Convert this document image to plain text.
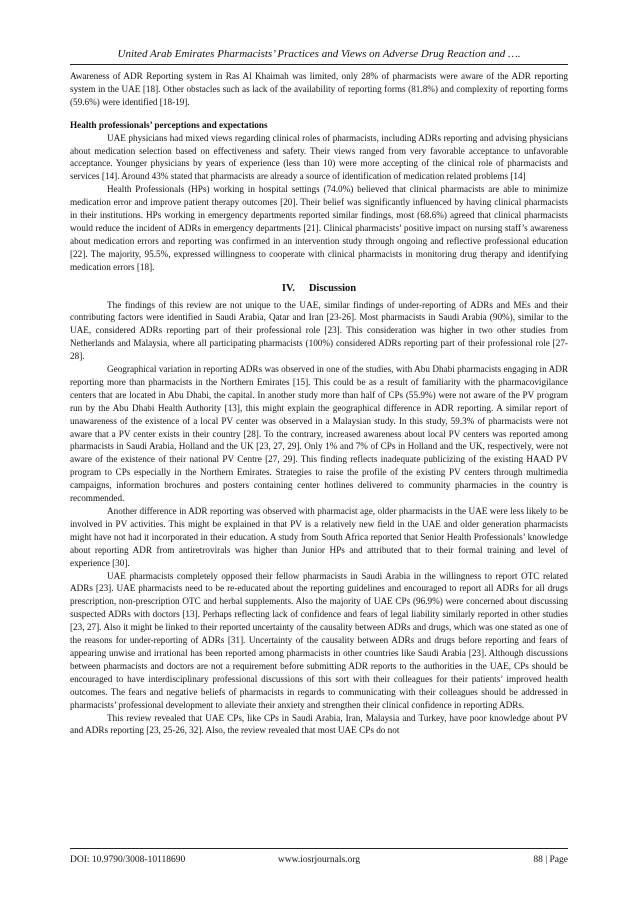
United Arab Emirates Pharmacists’ Practices and Views on Adverse Drug Reaction and ….

Awareness of ADR Reporting system in Ras Al Khaimah was limited, only 28% of pharmacists were aware of the ADR reporting system in the UAE [18]. Other obstacles such as lack of the availability of reporting forms (81.8%) and complexity of reporting forms (59.6%) were identified [18-19].

Health professionals’ perceptions and expectations

UAE physicians had mixed views regarding clinical roles of pharmacists, including ADRs reporting and advising physicians about medication selection based on effectiveness and safety. Their views ranged from very favorable acceptance to unfavorable acceptance. Younger physicians by years of experience (less than 10) were more accepting of the clinical role of pharmacists and services [14]. Around 43% stated that pharmacists are already a source of identification of medication related problems [14]

Health Professionals (HPs) working in hospital settings (74.0%) believed that clinical pharmacists are able to minimize medication error and improve patient therapy outcomes [20]. Their belief was significantly influenced by having clinical pharmacists in their institutions. HPs working in emergency departments reported similar findings, most (68.6%) agreed that clinical pharmacists would reduce the incident of ADRs in emergency departments [21]. Clinical pharmacists’ positive impact on nursing staff’s awareness about medication errors and reporting was confirmed in an intervention study through ongoing and reflective professional education [22]. The majority, 95.5%, expressed willingness to cooperate with clinical pharmacists in monitoring drug therapy and identifying medication errors [18].

IV. Discussion

The findings of this review are not unique to the UAE, similar findings of under-reporting of ADRs and MEs and their contributing factors were identified in Saudi Arabia, Qatar and Iran [23-26]. Most pharmacists in Saudi Arabia (90%), similar to the UAE, considered ADRs reporting part of their professional role [23]. This consideration was higher in two other studies from Netherlands and Malaysia, where all participating pharmacists (100%) considered ADRs reporting part of their professional role [27-28].

Geographical variation in reporting ADRs was observed in one of the studies, with Abu Dhabi pharmacists engaging in ADR reporting more than pharmacists in the Northern Emirates [15]. This could be as a result of familiarity with the pharmacovigilance centers that are located in Abu Dhabi, the capital. In another study more than half of CPs (55.9%) were not aware of the PV program run by the Abu Dhabi Health Authority [13], this might explain the geographical difference in ADR reporting. A similar report of unawareness of the existence of a local PV center was observed in a Malaysian study. In this study, 59.3% of pharmacists were not aware that a PV center exists in their country [28]. To the contrary, increased awareness about local PV centers was reported among pharmacists in Saudi Arabia, Holland and the UK [23, 27, 29]. Only 1% and 7% of CPs in Holland and the UK, respectively, were not aware of the existence of their national PV Centre [27, 29]. This finding reflects inadequate publicizing of the existing HAAD PV program to CPs especially in the Northern Emirates. Strategies to raise the profile of the existing PV centers through multimedia campaigns, information brochures and posters containing center hotlines delivered to community pharmacies in the country is recommended.

Another difference in ADR reporting was observed with pharmacist age, older pharmacists in the UAE were less likely to be involved in PV activities. This might be explained in that PV is a relatively new field in the UAE and older generation pharmacists might have not had it incorporated in their education. A study from South Africa reported that Senior Health Professionals’ knowledge about reporting ADR from antiretrovirals was higher than Junior HPs and attributed that to their formal training and level of experience [30].

UAE pharmacists completely opposed their fellow pharmacists in Saudi Arabia in the willingness to report OTC related ADRs [23]. UAE pharmacists need to be re-educated about the reporting guidelines and encouraged to report all ADRs for all drugs prescription, non-prescription OTC and herbal supplements. Also the majority of UAE CPs (96.9%) were concerned about discussing suspected ADRs with doctors [13]. Perhaps reflecting lack of confidence and fears of legal liability similarly reported in other studies [23, 27]. Also it might be linked to their reported uncertainty of the causality between ADRs and drugs, which was one stated as one of the reasons for under-reporting of ADRs [31]. Uncertainty of the causality between ADRs and drugs before reporting and fears of appearing unwise and irrational has been reported among pharmacists in other countries like Saudi Arabia [23]. Although discussions between pharmacists and doctors are not a requirement before submitting ADR reports to the authorities in the UAE, CPs should be encouraged to have interdisciplinary professional discussions of this sort with their colleagues for their patients’ improved health outcomes. The fears and negative beliefs of pharmacists in regards to communicating with their colleagues should be addressed in pharmacists’ professional development to alleviate their anxiety and strengthen their clinical confidence in reporting ADRs.

This review revealed that UAE CPs, like CPs in Saudi Arabia, Iran, Malaysia and Turkey, have poor knowledge about PV and ADRs reporting [23, 25-26, 32]. Also, the review revealed that most UAE CPs do not

DOI: 10.9790/3008-10118690	www.iosrjournals.org	88 | Page
